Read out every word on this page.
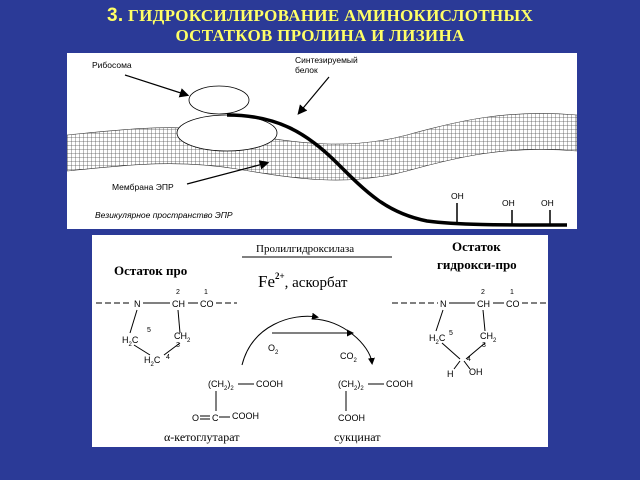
3. ГИДРОКСИЛИРОВАНИЕ АМИНОКИСЛОТНЫХ
ОСТАТКОВ ПРОЛИНА И ЛИЗИНА
OH
OH	OH
Рибосома	Синтезируемый
белок
Мембрана ЭПР
Везикулярное пространство ЭПР
Пролилгидроксилаза
$Fe^{2+}$, аскорбат
Остаток про
N	CH
2
CO
1
$H_2C$
5
$CH_2$
3
$H_2C$ 4
Остаток
гидрокси-про
N	CH
2
CO
1
$H_2C$ 5	$CH_2$
3
4
H OH
$O_2$	$CO_2$
$(CH_2)_2$ COOH
O C COOH
α-кетоглутарат
$(CH_2)_2$ COOH
COOH
сукцинат
